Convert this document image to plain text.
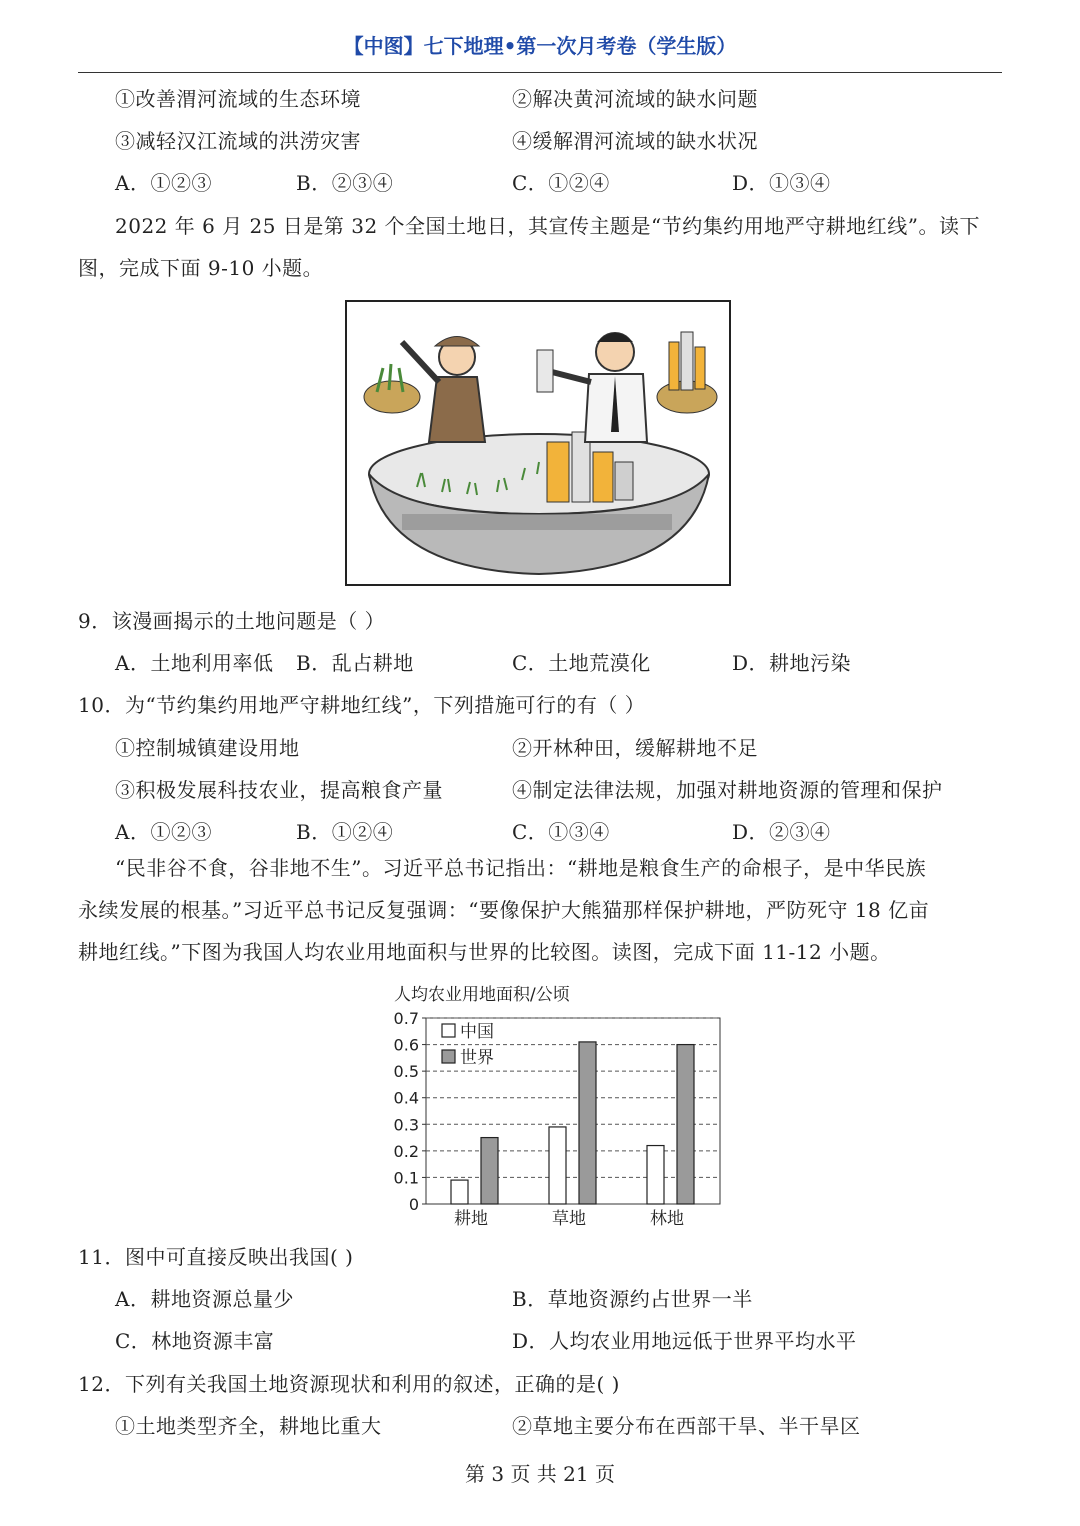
【中图】七下地理•第一次月考卷（学生版）
①改善渭河流域的生态环境	②解决黄河流域的缺水问题
③减轻汉江流域的洪涝灾害	④缓解渭河流域的缺水状况
A．①②③	B．②③④	C．①②④	D．①③④
2022 年 6 月 25 日是第 32 个全国土地日，其宣传主题是“节约集约用地严守耕地红线”。读下
图，完成下面 9-10 小题。
9．该漫画揭示的土地问题是（ ）
A．土地利用率低 B．乱占耕地	C．土地荒漠化	D．耕地污染
10．为“节约集约用地严守耕地红线”，下列措施可行的有（ ）
①控制城镇建设用地	②开林种田，缓解耕地不足
③积极发展科技农业，提高粮食产量	④制定法律法规，加强对耕地资源的管理和保护
A．①②③	B．①②④	C．①③④	D．②③④
“民非谷不食，谷非地不生”。习近平总书记指出：“耕地是粮食生产的命根子，是中华民族
永续发展的根基。”习近平总书记反复强调：“要像保护大熊猫那样保护耕地，严防死守 18 亿亩
耕地红线。”下图为我国人均农业用地面积与世界的比较图。读图，完成下面 11-12 小题。
人均农业用地面积/公顷
0
0.1
0.2
0.3
0.4
0.5
0.6
0.7
耕地	草地	林地
中国
世界
11．图中可直接反映出我国( )
A．耕地资源总量少	B．草地资源约占世界一半
C．林地资源丰富	D．人均农业用地远低于世界平均水平
12．下列有关我国土地资源现状和利用的叙述，正确的是( )
①土地类型齐全，耕地比重大	②草地主要分布在西部干旱、半干旱区
第 3 页 共 21 页
